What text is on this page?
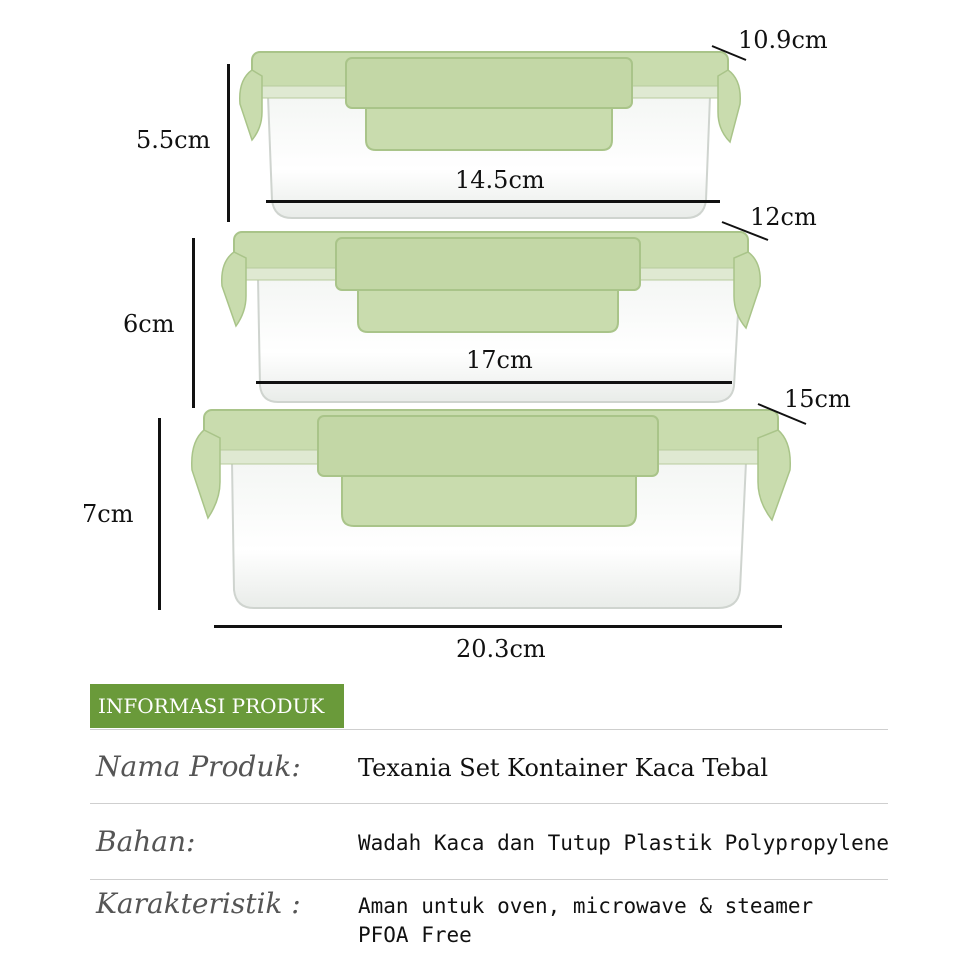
5.5cm
14.5cm
10.9cm
6cm
17cm
12cm
7cm
20.3cm
15cm
INFORMASI PRODUK
Nama Produk: Texania Set Kontainer Kaca Tebal
Bahan:	Wadah Kaca dan Tutup Plastik Polypropylene
Karakteristik :	Aman untuk oven, microwave & steamer
PFOA Free
